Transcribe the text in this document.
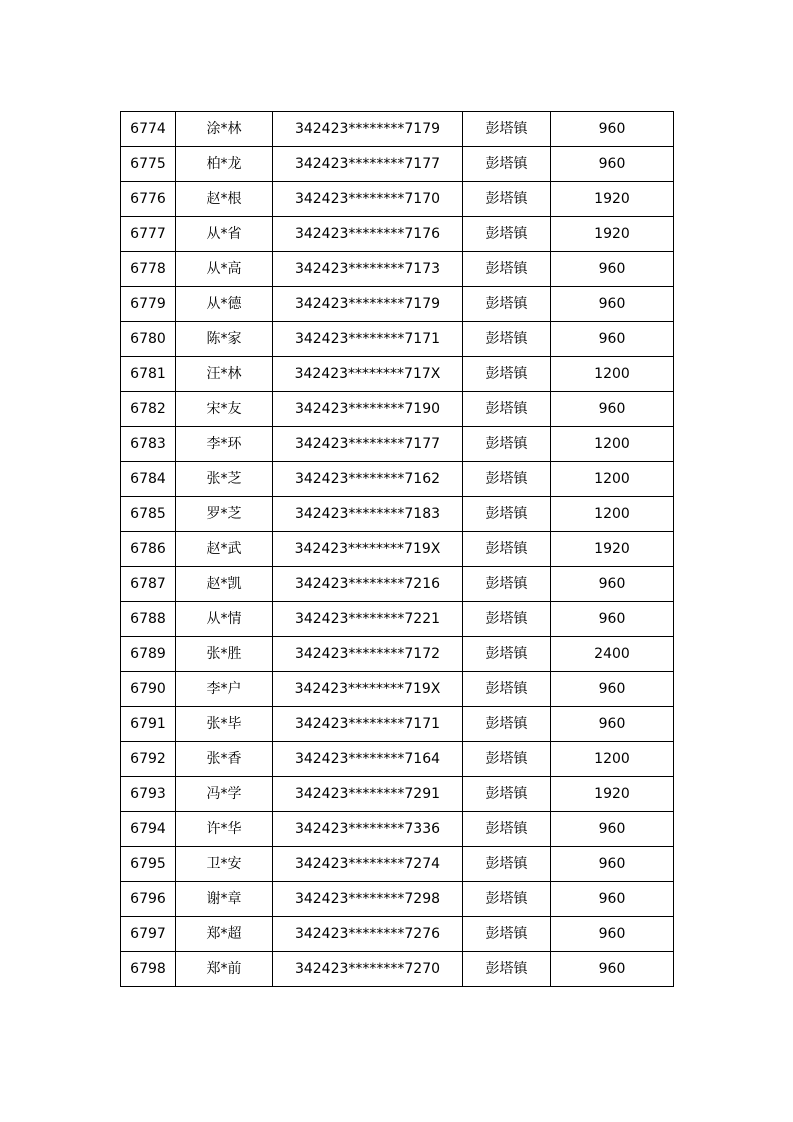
6774	涂*林	342423********7179	彭塔镇	960
6775	柏*龙	342423********7177	彭塔镇	960
6776	赵*根	342423********7170	彭塔镇	1920
6777	从*省	342423********7176	彭塔镇	1920
6778	从*高	342423********7173	彭塔镇	960
6779	从*德	342423********7179	彭塔镇	960
6780	陈*家	342423********7171	彭塔镇	960
6781	汪*林	342423********717X	彭塔镇	1200
6782	宋*友	342423********7190	彭塔镇	960
6783	李*环	342423********7177	彭塔镇	1200
6784	张*芝	342423********7162	彭塔镇	1200
6785	罗*芝	342423********7183	彭塔镇	1200
6786	赵*武	342423********719X	彭塔镇	1920
6787	赵*凯	342423********7216	彭塔镇	960
6788	从*情	342423********7221	彭塔镇	960
6789	张*胜	342423********7172	彭塔镇	2400
6790	李*户	342423********719X	彭塔镇	960
6791	张*毕	342423********7171	彭塔镇	960
6792	张*香	342423********7164	彭塔镇	1200
6793	冯*学	342423********7291	彭塔镇	1920
6794	许*华	342423********7336	彭塔镇	960
6795	卫*安	342423********7274	彭塔镇	960
6796	谢*章	342423********7298	彭塔镇	960
6797	郑*超	342423********7276	彭塔镇	960
6798	郑*前	342423********7270	彭塔镇	960
